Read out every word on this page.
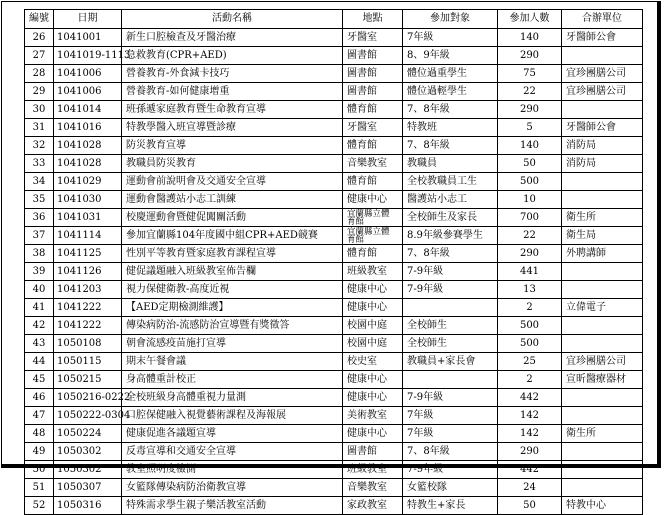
編號	日期	活動名稱	地點	參加對象	參加人數	合辦單位
26	1041001	新生口腔檢查及牙醫治療	牙醫室	7年級	140	牙醫師公會
27	1041019-1113	急救教育(CPR+AED)	圖書館	8、9年級	290	
28	1041006	營養教育-外食減卡技巧	圖書館	體位過重學生	75	宜珍團膳公司
29	1041006	營養教育-如何健康增重	圖書館	體位過輕學生	22	宜珍團膳公司
30	1041014	班孫遞家庭教育暨生命教育宣導	體育館	7、8年級	290	
31	1041016	特教學醫入班宣導暨診療	牙醫室	特教班	5	牙醫師公會
32	1041028	防災教育宣導	體育館	7、8年級	140	消防局
33	1041028	教職員防災教育	音樂教室	教職員	50	消防局
34	1041029	運動會前說明會及交通安全宣導	體育館	全校教職員工生	500	
35	1041030	運動會醫護站小志工訓練	健康中心	醫護站小志工	10	
36	1041031	校慶運動會暨健促闖關活動	宜蘭縣立體
育館	全校師生及家長	700	衛生所
37	1041114	參加宜蘭縣104年度國中組CPR+AED競賽	宜蘭縣立體
育館	8.9年級參賽學生	22	衛生局
38	1041125	性別平等教育暨家庭教育課程宣導	體育館	7、8年級	290	外聘講師
39	1041126	健促議題融入班級教室佈告欄	班級教室	7-9年級	441	
40	1041203	視力保健衛教-高度近視	健康中心	7-9年級	13	
41	1041222	【AED定期檢測維護】	健康中心		2	立偉電子
42	1041222	傳染病防治-流感防治宣導暨有獎徵答	校園中庭	全校師生	500	
43	1050108	朝會流感疫苗施打宣導	校園中庭	全校師生	500	
44	1050115	期末午餐會議	校史室	教職員+家長會	25	宜珍團膳公司
45	1050215	身高體重計校正	健康中心		2	宣昕醫療器材
46	1050216-0222	全校班級身高體重視力量測	健康中心	7-9年級	442	
47	1050222-0304	口腔保健融入視覺藝術課程及海報展	美術教室	7年級	142	
48	1050224	健康促進各議題宣導	健康中心	7年級	142	衛生所
49	1050302	反毒宣導和交通安全宣導	圖書館	7、8年級	290	
50	1050302	教室照明度檢測	班級教室	7-9年級	442	
51	1050307	女籃隊傳染病防治衛教宣導	音樂教室	女籃校隊	24	
52	1050316	特殊需求學生親子樂活教室活動	家政教室	特教生+家長	50	特教中心
